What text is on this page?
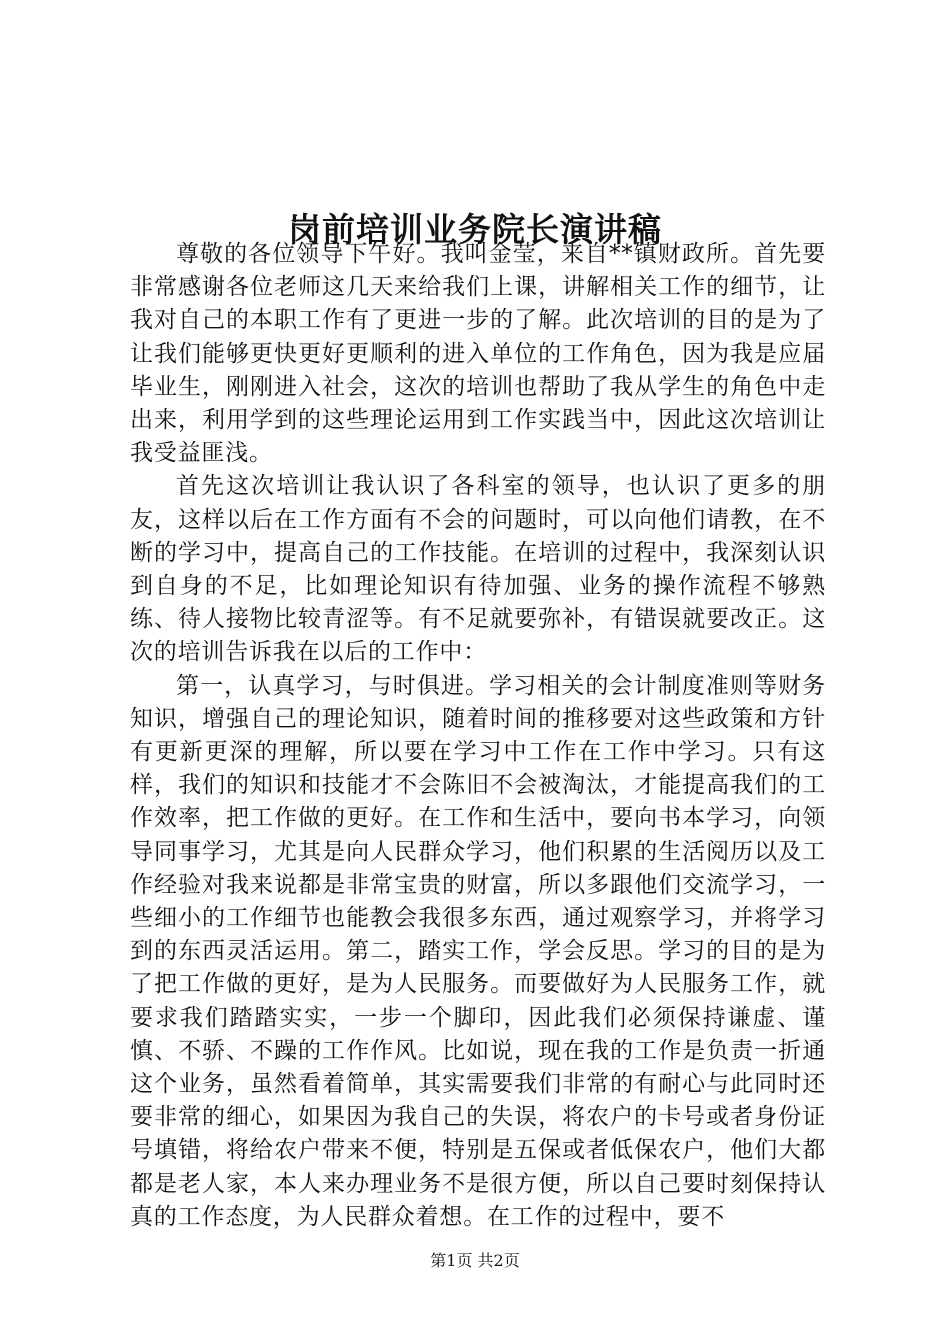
岗前培训业务院长演讲稿

尊敬的各位领导下午好。我叫金莹，来自**镇财政所。首先要非常感谢各位老师这几天来给我们上课，讲解相关工作的细节，让我对自己的本职工作有了更进一步的了解。此次培训的目的是为了让我们能够更快更好更顺利的进入单位的工作角色，因为我是应届毕业生，刚刚进入社会，这次的培训也帮助了我从学生的角色中走出来，利用学到的这些理论运用到工作实践当中，因此这次培训让我受益匪浅。

首先这次培训让我认识了各科室的领导，也认识了更多的朋友，这样以后在工作方面有不会的问题时，可以向他们请教，在不断的学习中，提高自己的工作技能。在培训的过程中，我深刻认识到自身的不足，比如理论知识有待加强、业务的操作流程不够熟练、待人接物比较青涩等。有不足就要弥补，有错误就要改正。这次的培训告诉我在以后的工作中：

第一，认真学习，与时俱进。学习相关的会计制度准则等财务知识，增强自己的理论知识，随着时间的推移要对这些政策和方针有更新更深的理解，所以要在学习中工作在工作中学习。只有这样，我们的知识和技能才不会陈旧不会被淘汰，才能提高我们的工作效率，把工作做的更好。在工作和生活中，要向书本学习，向领导同事学习，尤其是向人民群众学习，他们积累的生活阅历以及工作经验对我来说都是非常宝贵的财富，所以多跟他们交流学习，一些细小的工作细节也能教会我很多东西，通过观察学习，并将学习到的东西灵活运用。第二，踏实工作，学会反思。学习的目的是为了把工作做的更好，是为人民服务。而要做好为人民服务工作，就要求我们踏踏实实，一步一个脚印，因此我们必须保持谦虚、谨慎、不骄、不躁的工作作风。比如说，现在我的工作是负责一折通这个业务，虽然看着简单，其实需要我们非常的有耐心与此同时还要非常的细心，如果因为我自己的失误，将农户的卡号或者身份证号填错，将给农户带来不便，特别是五保或者低保农户，他们大都都是老人家，本人来办理业务不是很方便，所以自己要时刻保持认真的工作态度，为人民群众着想。在工作的过程中，要不

第1页 共2页
